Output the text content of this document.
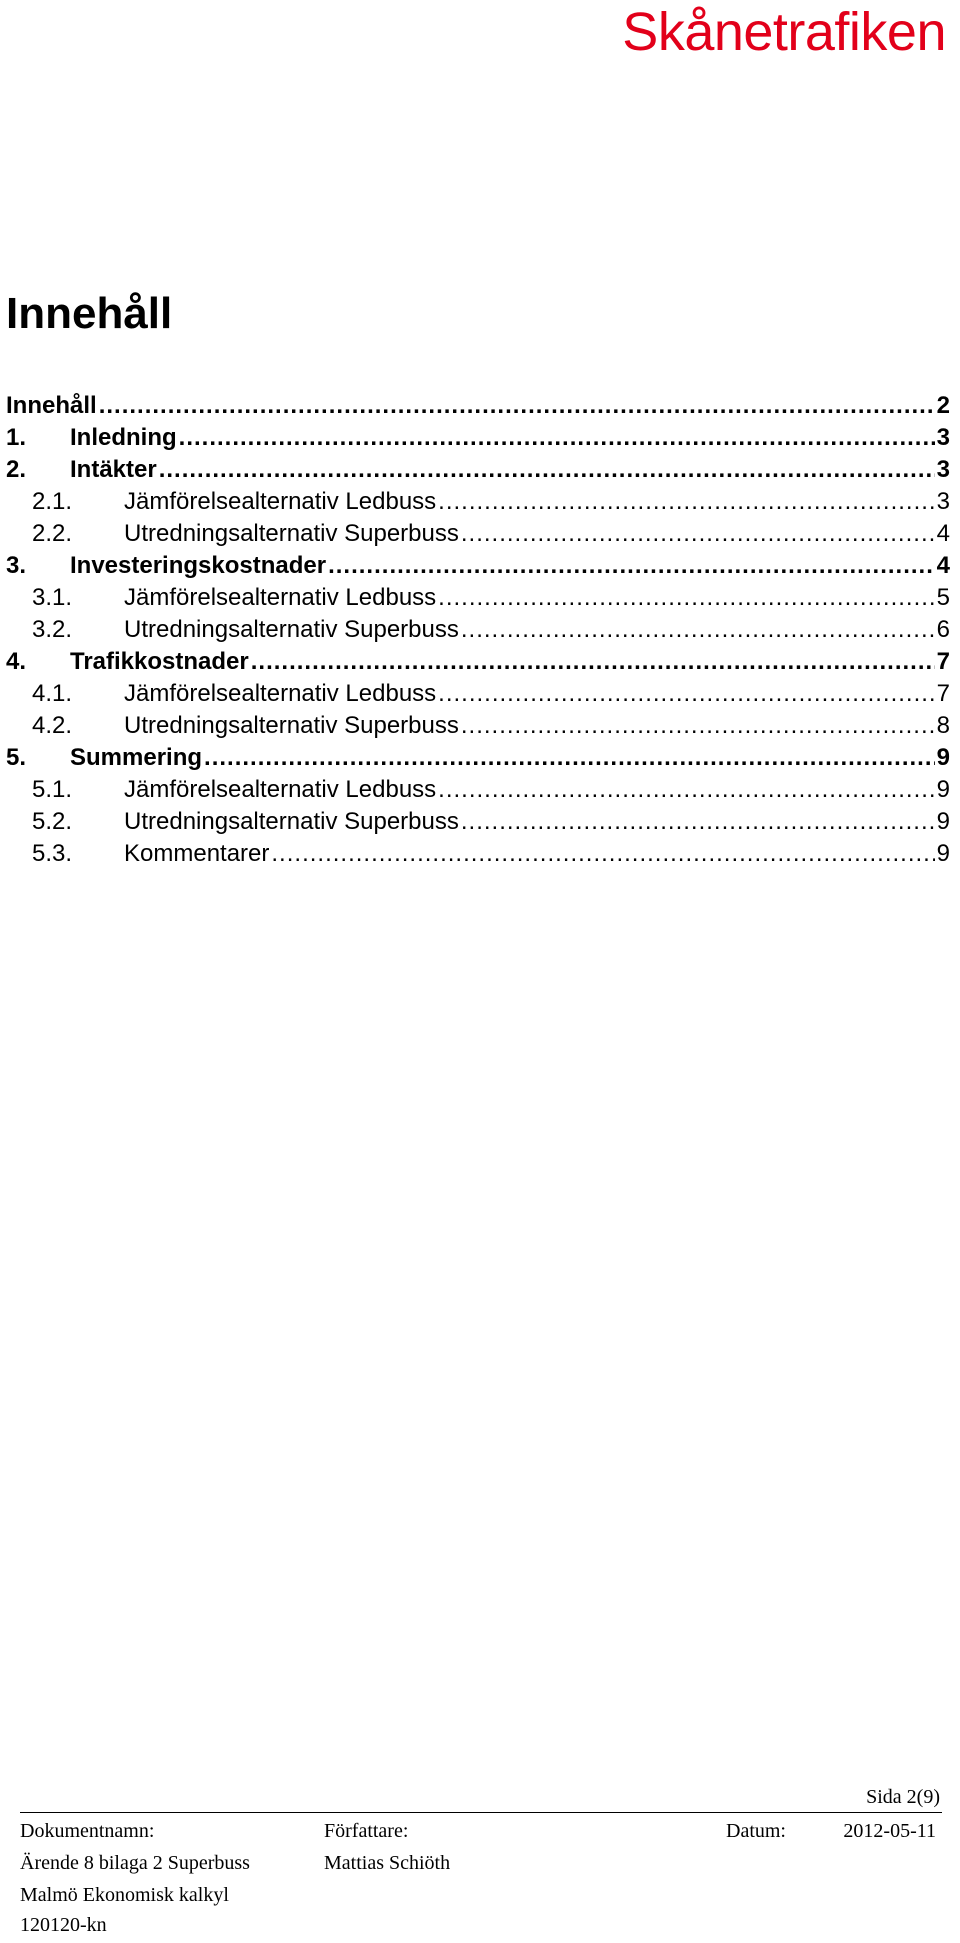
Skånetrafiken
Innehåll
Innehåll .....	2
1.	Inledning .....	3
2.	Intäkter .....	3
2.1.	Jämförelsealternativ Ledbuss .....	3
2.2.	Utredningsalternativ Superbuss .....	4
3.	Investeringskostnader .....	4
3.1.	Jämförelsealternativ Ledbuss .....	5
3.2.	Utredningsalternativ Superbuss .....	6
4.	Trafikkostnader .....	7
4.1.	Jämförelsealternativ Ledbuss .....	7
4.2.	Utredningsalternativ Superbuss .....	8
5.	Summering .....	9
5.1.	Jämförelsealternativ Ledbuss .....	9
5.2.	Utredningsalternativ Superbuss .....	9
5.3.	Kommentarer .....	9
Sida 2(9)
Dokumentnamn:
Ärende 8 bilaga 2 Superbuss
Malmö Ekonomisk kalkyl
120120-kn
Författare:
Mattias Schiöth
Datum:	2012-05-11
